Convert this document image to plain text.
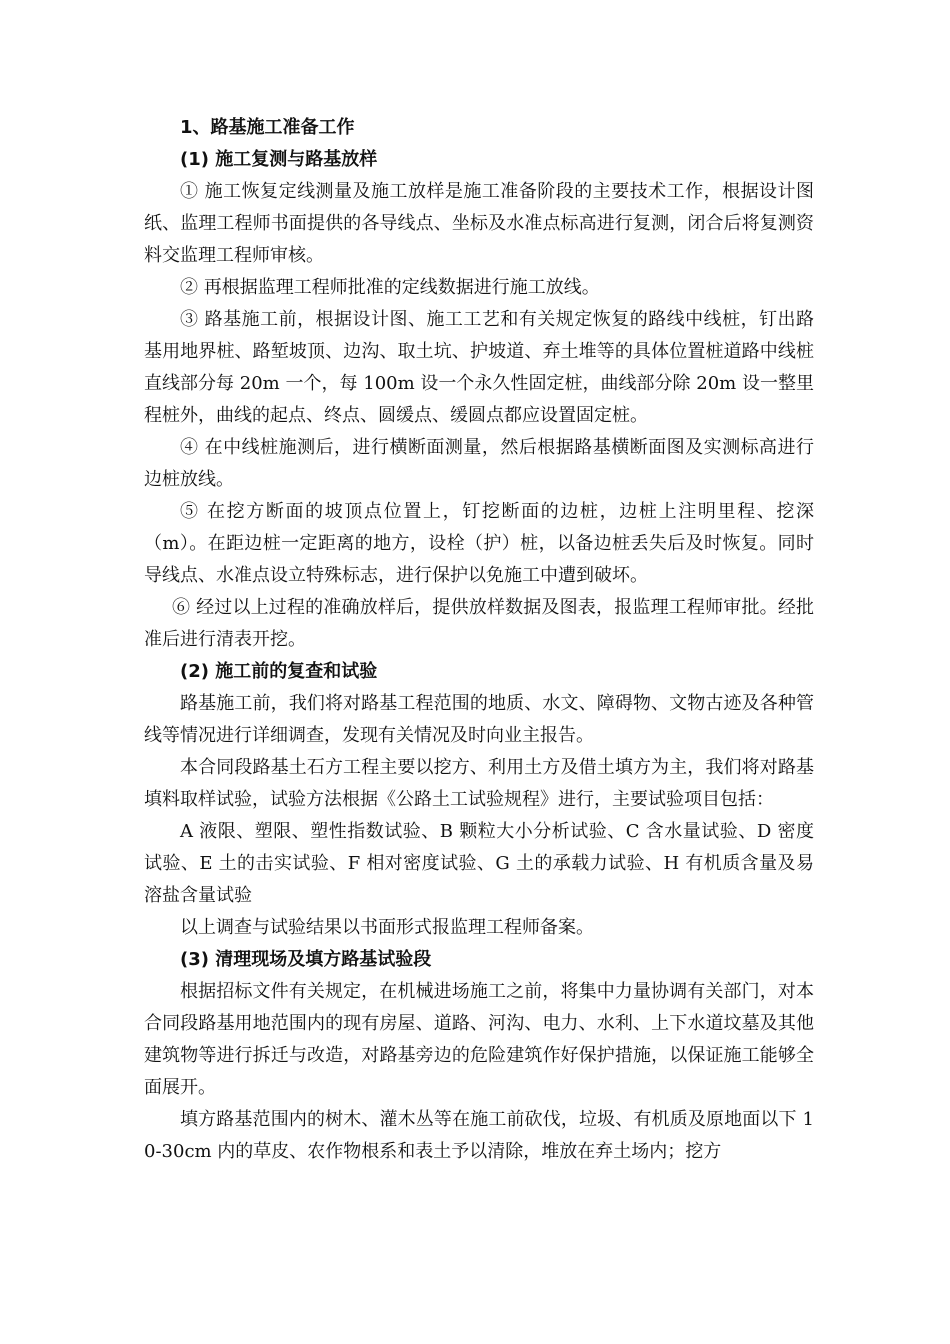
1、路基施工准备工作

(1) 施工复测与路基放样

① 施工恢复定线测量及施工放样是施工准备阶段的主要技术工作，根据设计图纸、监理工程师书面提供的各导线点、坐标及水准点标高进行复测，闭合后将复测资料交监理工程师审核。

② 再根据监理工程师批准的定线数据进行施工放线。

③ 路基施工前，根据设计图、施工工艺和有关规定恢复的路线中线桩，钉出路基用地界桩、路堑坡顶、边沟、取土坑、护坡道、弃土堆等的具体位置桩道路中线桩直线部分每 20m 一个，每 100m 设一个永久性固定桩，曲线部分除 20m 设一整里程桩外，曲线的起点、终点、圆缓点、缓圆点都应设置固定桩。

④ 在中线桩施测后，进行横断面测量，然后根据路基横断面图及实测标高进行边桩放线。

⑤ 在挖方断面的坡顶点位置上，钉挖断面的边桩，边桩上注明里程、挖深（m）。在距边桩一定距离的地方，设栓（护）桩，以备边桩丢失后及时恢复。同时导线点、水准点设立特殊标志，进行保护以免施工中遭到破坏。

⑥ 经过以上过程的准确放样后，提供放样数据及图表，报监理工程师审批。经批准后进行清表开挖。

(2) 施工前的复查和试验

路基施工前，我们将对路基工程范围的地质、水文、障碍物、文物古迹及各种管线等情况进行详细调查，发现有关情况及时向业主报告。

本合同段路基土石方工程主要以挖方、利用土方及借土填方为主，我们将对路基填料取样试验，试验方法根据《公路土工试验规程》进行，主要试验项目包括：

A 液限、塑限、塑性指数试验、B 颗粒大小分析试验、C 含水量试验、D 密度试验、E 土的击实试验、F 相对密度试验、G 土的承载力试验、H 有机质含量及易溶盐含量试验

以上调查与试验结果以书面形式报监理工程师备案。

(3) 清理现场及填方路基试验段

根据招标文件有关规定，在机械进场施工之前，将集中力量协调有关部门，对本合同段路基用地范围内的现有房屋、道路、河沟、电力、水利、上下水道坟墓及其他建筑物等进行拆迁与改造，对路基旁边的危险建筑作好保护措施，以保证施工能够全面展开。

填方路基范围内的树木、灌木丛等在施工前砍伐，垃圾、有机质及原地面以下 10-30cm 内的草皮、农作物根系和表土予以清除，堆放在弃土场内；挖方
